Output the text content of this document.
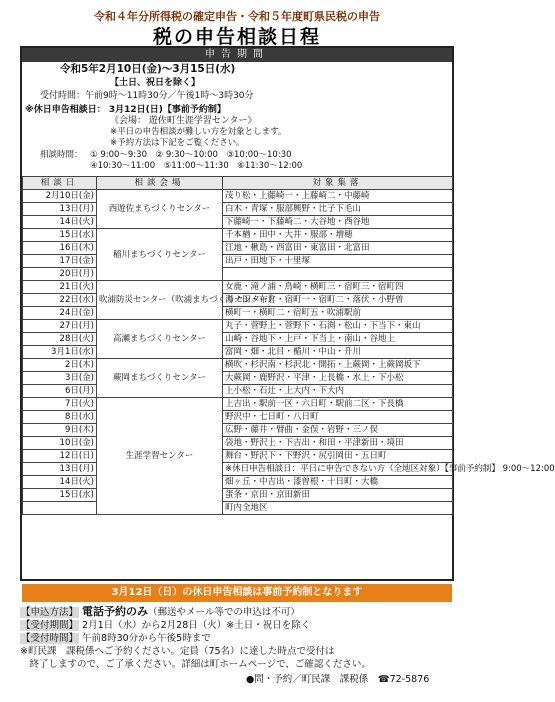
令和４年分所得税の確定申告・令和５年度町県民税の申告
税の申告相談日程
申告期間
令和5年2月10日(金)～3月15日(水)
【土日、祝日を除く】
受付時間：午前9時～11時30分／午後1時～3時30分
※休日申告相談日： 3月12日(日)【事前予約制】
《会場： 遊佐町生涯学習センター》
※平日の申告相談が難しい方を対象とします。
※予約方法は下記をご覧ください。
相談時間： ① 9:00～9:30　② 9:30～10:00　③10:00～10:30
④10:30～11:00　⑤11:00～11:30　⑥11:30～12:00
相談日	相談会場	対象集落
2月10日(金)	西遊佐まちづくりセンター	茂り松・上藤崎一・上藤崎二・中藤崎
13日(月)		白木・青塚・服部興野・比子下毛山
14日(火)		下藤崎一・下藤崎二・大谷地・西谷地
15日(水)	稲川まちづくりセンター	千本楢・田中・大井・服部・増穂
16日(木)		江地・楸島・西富田・東富田・北富田
17日(金)		出戸・田地下・十里塚
20日(月)		
21日(火)	吹浦防災センター（吹浦まちづくりセンター）	女鹿・滝ノ浦・鳥崎・横町三・宿町三・宿町四
22日(水)		湯ノ田・布倉・宿町一・宿町二・落伏・小野曽
24日(金)		横町一・横町二・宿町五・吹浦駅前
27日(月)	高瀬まちづくりセンター	丸子・菅野上・菅野下・石渕・松山・下当下・東山
28日(火)		山崎・谷地下・上戸・下当上・南山・谷地上
3月1日(水)		富岡・畑・北目・楯川・中山・升川
2日(木)	蕨岡まちづくりセンター	横吹・杉沢南・杉沢北・開拓・上蕨岡・上蕨岡坂下
3日(金)		大蕨岡・鹿野沢・平津・上長橋・水上・下小松
6日(月)		上小松・石辻・上大内・下大内
7日(火)	生涯学習センター	上吉出・駅前一区・六日町・駅前二区・下長橋
8日(水)		野沢中・七日町・八日町
9日(木)		広野・藤井・臂曲・金俣・岩野・三ノ俣
10日(金)		袋地・野沢上・下吉出・和田・平津新田・境田
12日(日)		舞台・野沢下・下野沢・尻引岡田・五日町
13日(月)		※休日申告相談日：平日に申告できない方（全地区対象）【事前予約制】 9:00～12:00
14日(火)		畑ヶ丘・中吉出・漆曽根・十日町・大橋
15日(水)		蛋条・京田・京田新田
		町内全地区
3月12日（日）の休日申告相談は事前予約制となります
【申込方法】 電話予約のみ（郵送やメール等での申込は不可）
【受付期間】 2月1日（水）から2月28日（火）※土日・祝日を除く
【受付時間】 午前8時30分から午後5時まで
※町民課　課税係へご予約ください。定員（75名）に達した時点で受付は
　終了しますので、ご了承ください。詳細は町ホームページで、ご確認ください。
●問・予約／町民課　課税係　☎72-5876
